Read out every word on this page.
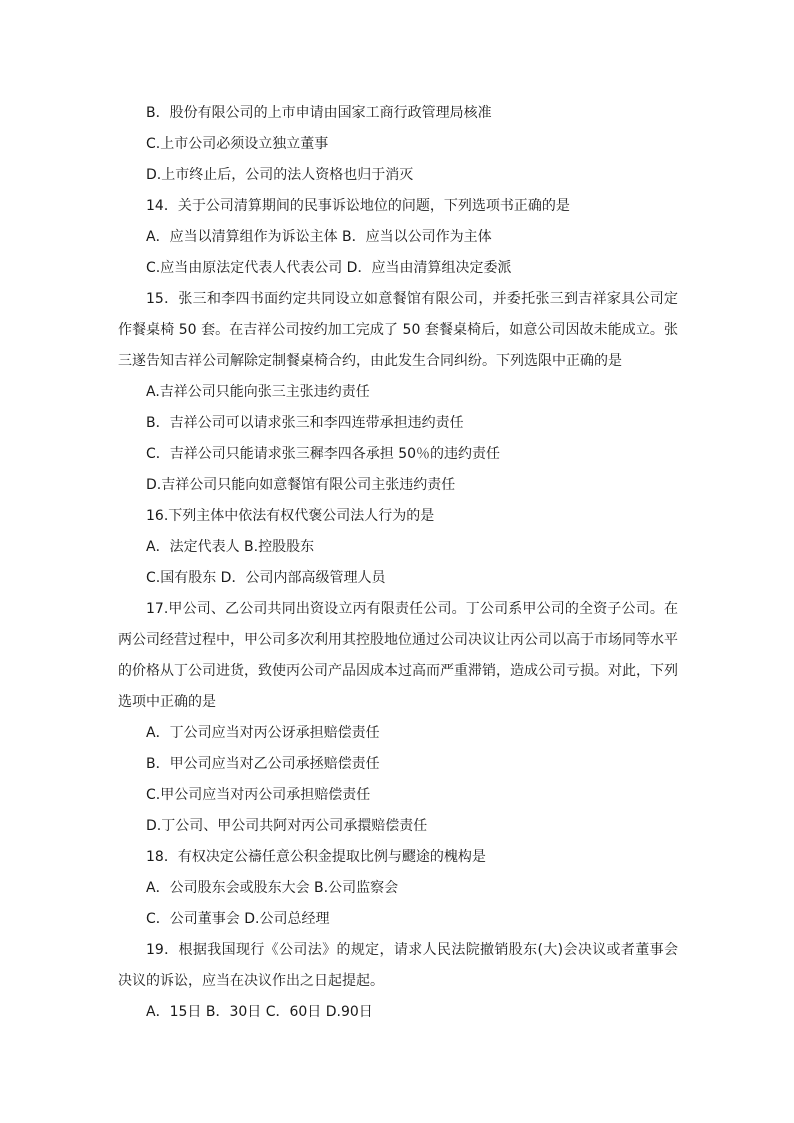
B．股份有限公司的上市申请由国家工商行政管理局核准

C.上市公司必须设立独立董事

D.上市终止后，公司的法人资格也归于消灭

14．关于公司清算期间的民事诉讼地位的问题，下列选项书正确的是

A．应当以清算组作为诉讼主体 B．应当以公司作为主体

C.应当由原法定代表人代表公司 D．应当由清算组决定委派

15．张三和李四书面约定共同设立如意餐馆有限公司，并委托张三到吉祥家具公司定作餐桌椅 50 套。在吉祥公司按约加工完成了 50 套餐桌椅后，如意公司因故未能成立。张三遂告知吉祥公司解除定制餐桌椅合约，由此发生合同纠纷。下列选限中正确的是

A.吉祥公司只能向张三主张违约责任

B．吉祥公司可以请求张三和李四连带承担违约责任

C．吉祥公司只能请求张三穉李四各承担 50％的违约责任

D.吉祥公司只能向如意餐馆有限公司主张违约责任

16.下列主体中依法有权代褒公司法人行为的是

A．法定代表人 B.控股股东

C.国有股东 D．公司内部高级管理人员

17.甲公司、乙公司共同出资设立丙有限责任公司。丁公司系甲公司的全资子公司。在两公司经营过程中，甲公司多次利用其控股地位通过公司决议让丙公司以高于市场同等水平的价格从丁公司进货，致使丙公司产品因成本过高而严重滞销，造成公司亏损。对此，下列选项中正确的是

A．丁公司应当对丙公讶承担赔偿责任

B．甲公司应当对乙公司承拯赔偿责任

C.甲公司应当对丙公司承担赔偿责任

D.丁公司、甲公司共阿对丙公司承擐赔偿责任

18．有权决定公禱任意公积金提取比例与飂途的槐构是

A．公司股东会或股东大会 B.公司监察会

C．公司董事会 D.公司总经理

19．根据我国现行《公司法》的规定，请求人民法院撤销股东(大)会决议或者董事会决议的诉讼，应当在决议作出之日起提起。

A．15日 B．30日 C．60日 D.90日
